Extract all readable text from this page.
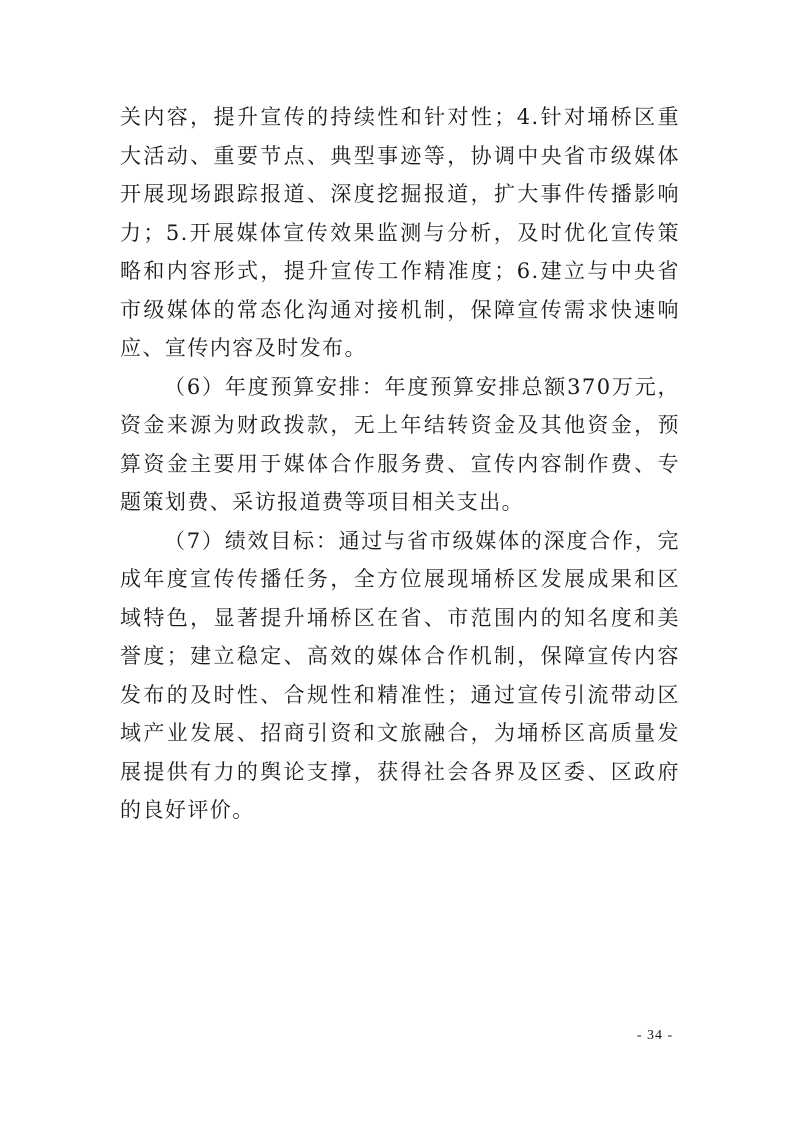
关内容，提升宣传的持续性和针对性；4.针对埇桥区重大活动、重要节点、典型事迹等，协调中央省市级媒体开展现场跟踪报道、深度挖掘报道，扩大事件传播影响力；5.开展媒体宣传效果监测与分析，及时优化宣传策略和内容形式，提升宣传工作精准度；6.建立与中央省市级媒体的常态化沟通对接机制，保障宣传需求快速响应、宣传内容及时发布。

（6）年度预算安排：年度预算安排总额370万元，资金来源为财政拨款，无上年结转资金及其他资金，预算资金主要用于媒体合作服务费、宣传内容制作费、专题策划费、采访报道费等项目相关支出。

（7）绩效目标：通过与省市级媒体的深度合作，完成年度宣传传播任务，全方位展现埇桥区发展成果和区域特色，显著提升埇桥区在省、市范围内的知名度和美誉度；建立稳定、高效的媒体合作机制，保障宣传内容发布的及时性、合规性和精准性；通过宣传引流带动区域产业发展、招商引资和文旅融合，为埇桥区高质量发展提供有力的舆论支撑，获得社会各界及区委、区政府的良好评价。

- 34 -
